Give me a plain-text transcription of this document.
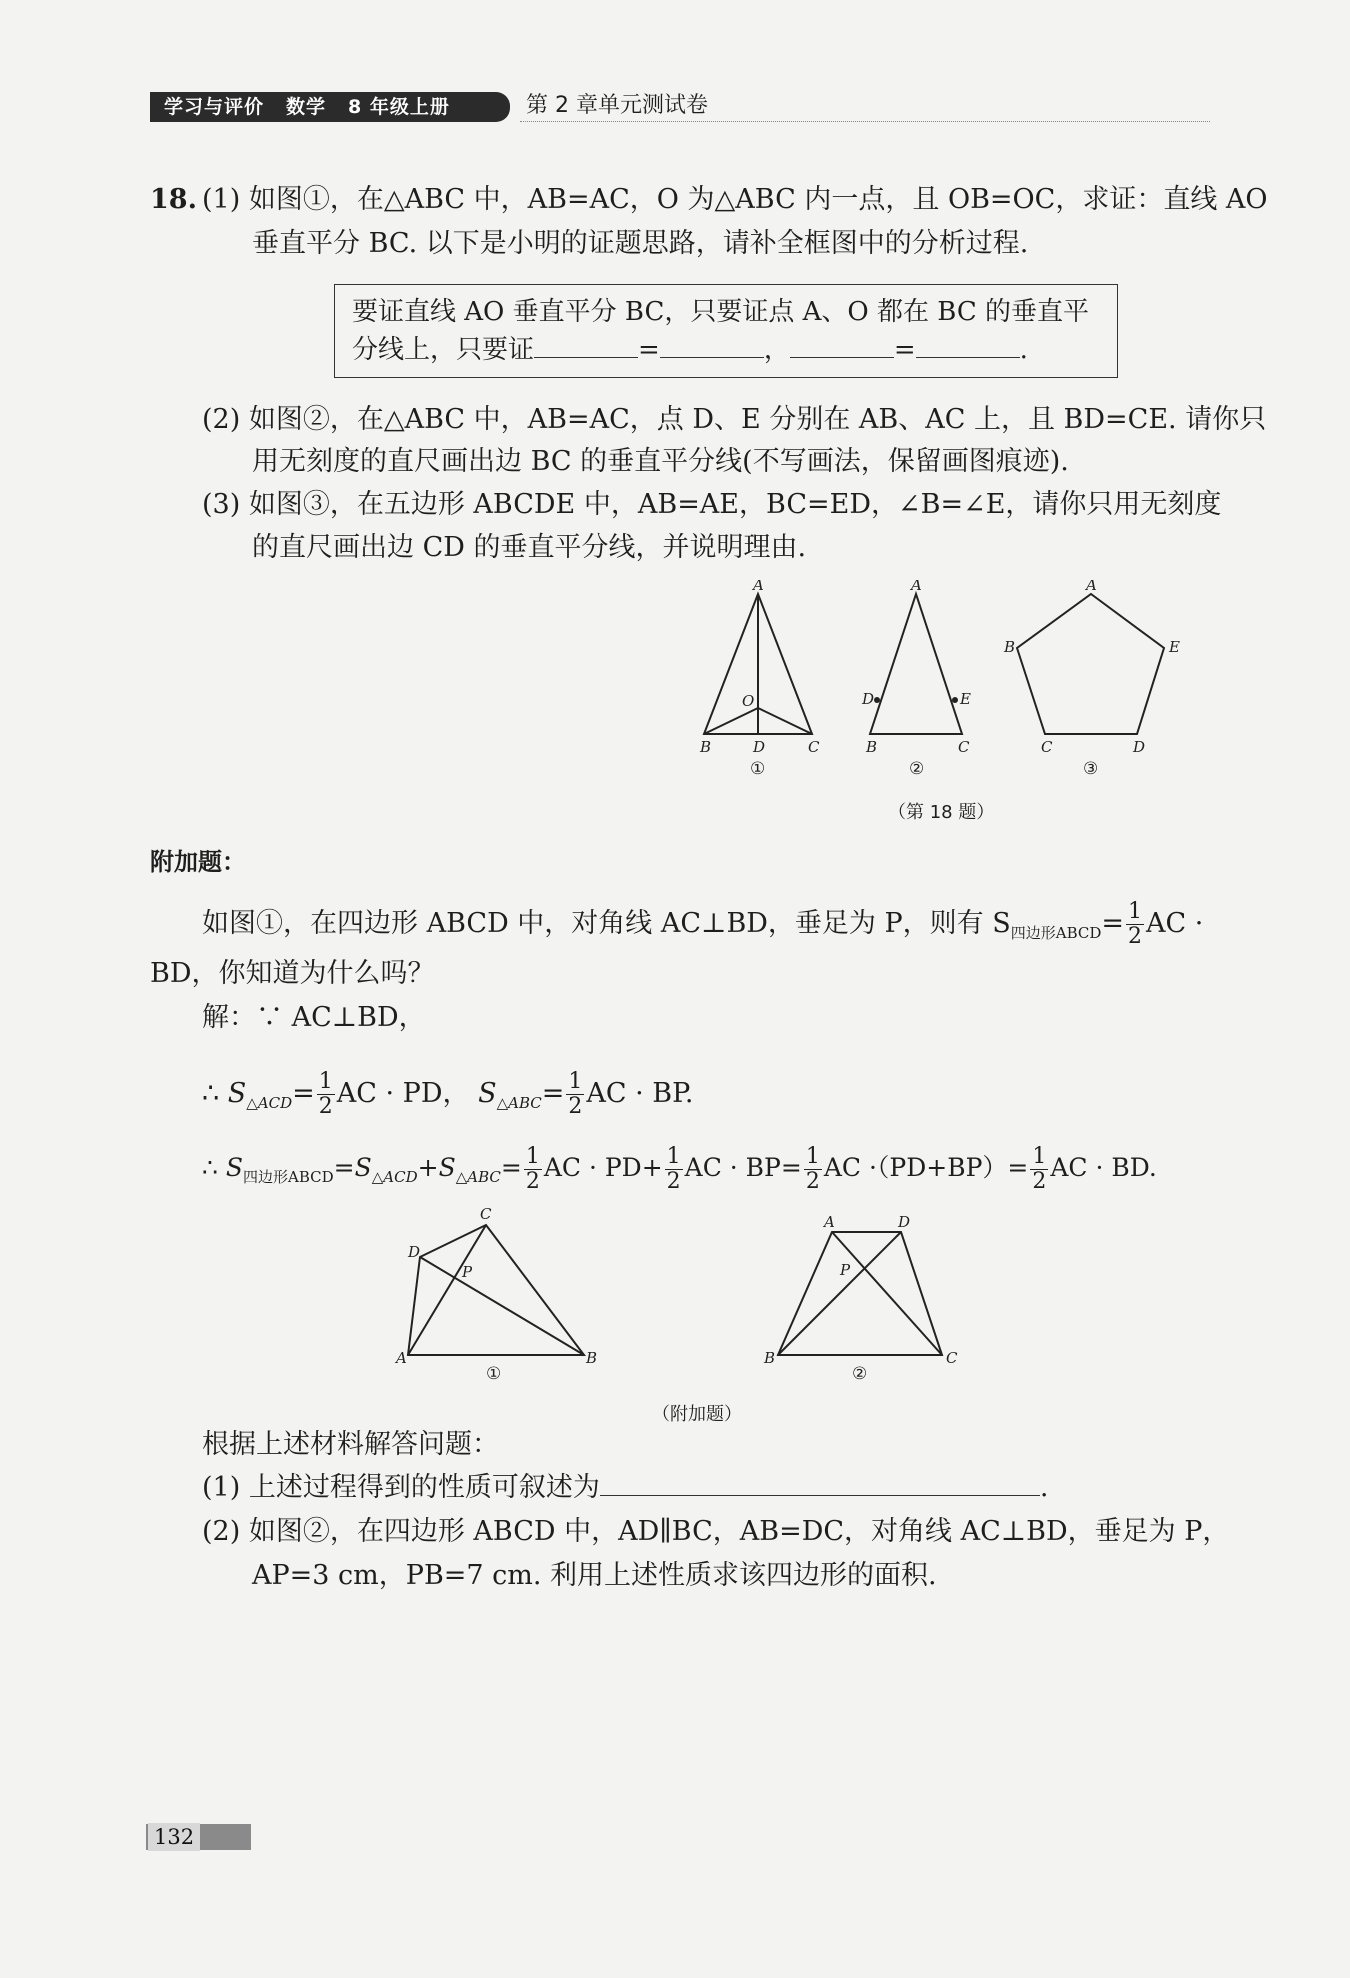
学习与评价 数学 8 年级上册	第 2 章单元测试卷
18. (1) 如图①，在△ABC 中，AB=AC，O 为△ABC 内一点，且 OB=OC，求证：直线 AO
垂直平分 BC. 以下是小明的证题思路，请补全框图中的分析过程.
要证直线 AO 垂直平分 BC，只要证点 A、O 都在 BC 的垂直平
分线上，只要证	=	，	=	.
(2) 如图②，在△ABC 中，AB=AC，点 D、E 分别在 AB、AC 上，且 BD=CE. 请你只
用无刻度的直尺画出边 BC 的垂直平分线(不写画法，保留画图痕迹).
(3) 如图③，在五边形 ABCDE 中，AB=AE，BC=ED，∠B=∠E，请你只用无刻度
的直尺画出边 CD 的垂直平分线，并说明理由.
A
O
B	D	C
①
A
D	E
B	C
②
A
B	E
C	D
③
（第 18 题）
附加题：
如图①，在四边形 ABCD 中，对角线 AC⊥BD，垂足为 P，则有 $S_{四边形ABCD}= \frac{1}{2}$ AC ·
BD，你知道为什么吗？
解：∵ AC⊥BD，
∴ $S_{\triangle ACD}= \frac{1}{2}$ AC · PD， $S_{\triangle ABC}= \frac{1}{2}$ AC · BP.
∴ $S_{四边形ABCD}=S_{\triangle ACD}+S_{\triangle ABC}= \frac{1}{2}$ AC · $PD+ \frac{1}{2}$ AC · $BP= \frac{1}{2}$ AC $\cdot(PD+BP)= \frac{1}{2}$ AC · BD.
A	B
C
D
P
①
A	D
B	C
P
②
（附加题）
根据上述材料解答问题：
(1) 上述过程得到的性质可叙述为	.
(2) 如图②，在四边形 ABCD 中，AD∥BC，AB=DC，对角线 AC⊥BD，垂足为 P，
AP=3 cm，PB=7 cm. 利用上述性质求该四边形的面积.
132
